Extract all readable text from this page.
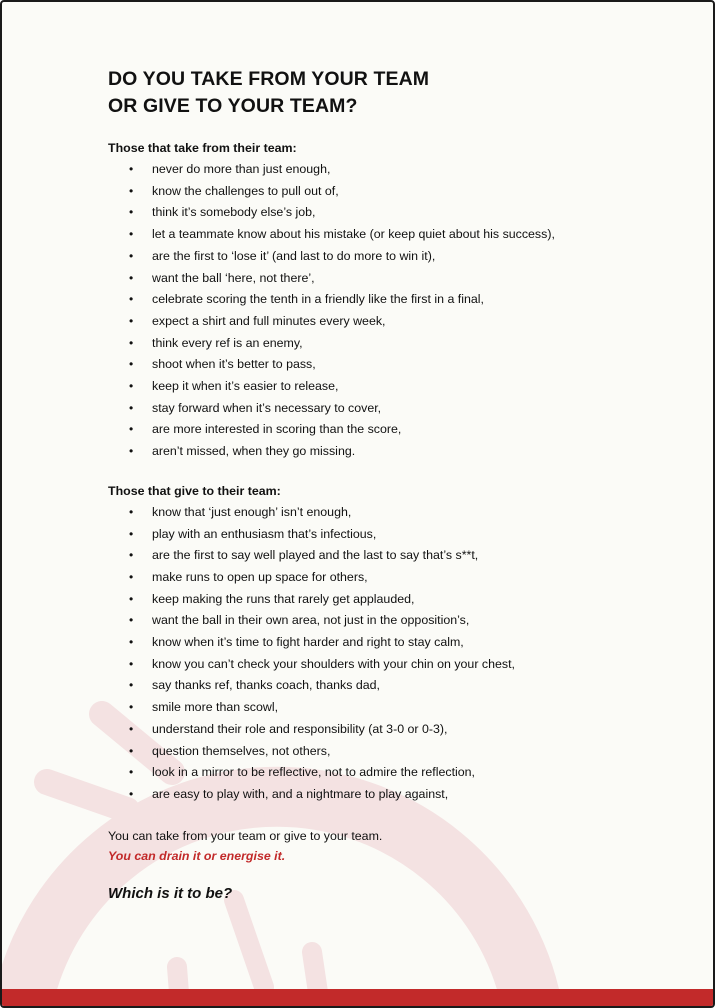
DO YOU TAKE FROM YOUR TEAM
OR GIVE TO YOUR TEAM?

Those that take from their team:

• never do more than just enough,
• know the challenges to pull out of,
• think it’s somebody else’s job,
• let a teammate know about his mistake (or keep quiet about his success),
• are the first to ‘lose it’ (and last to do more to win it),
• want the ball ‘here, not there’,
• celebrate scoring the tenth in a friendly like the first in a final,
• expect a shirt and full minutes every week,
• think every ref is an enemy,
• shoot when it’s better to pass,
• keep it when it’s easier to release,
• stay forward when it’s necessary to cover,
• are more interested in scoring than the score,
• aren’t missed, when they go missing.

Those that give to their team:

• know that ‘just enough’ isn’t enough,
• play with an enthusiasm that’s infectious,
• are the first to say well played and the last to say that’s s**t,
• make runs to open up space for others,
• keep making the runs that rarely get applauded,
• want the ball in their own area, not just in the opposition’s,
• know when it’s time to fight harder and right to stay calm,
• know you can’t check your shoulders with your chin on your chest,
• say thanks ref, thanks coach, thanks dad,
• smile more than scowl,
• understand their role and responsibility (at 3-0 or 0-3),
• question themselves, not others,
• look in a mirror to be reflective, not to admire the reflection,
• are easy to play with, and a nightmare to play against,

You can take from your team or give to your team.

You can drain it or energise it.

Which is it to be?
